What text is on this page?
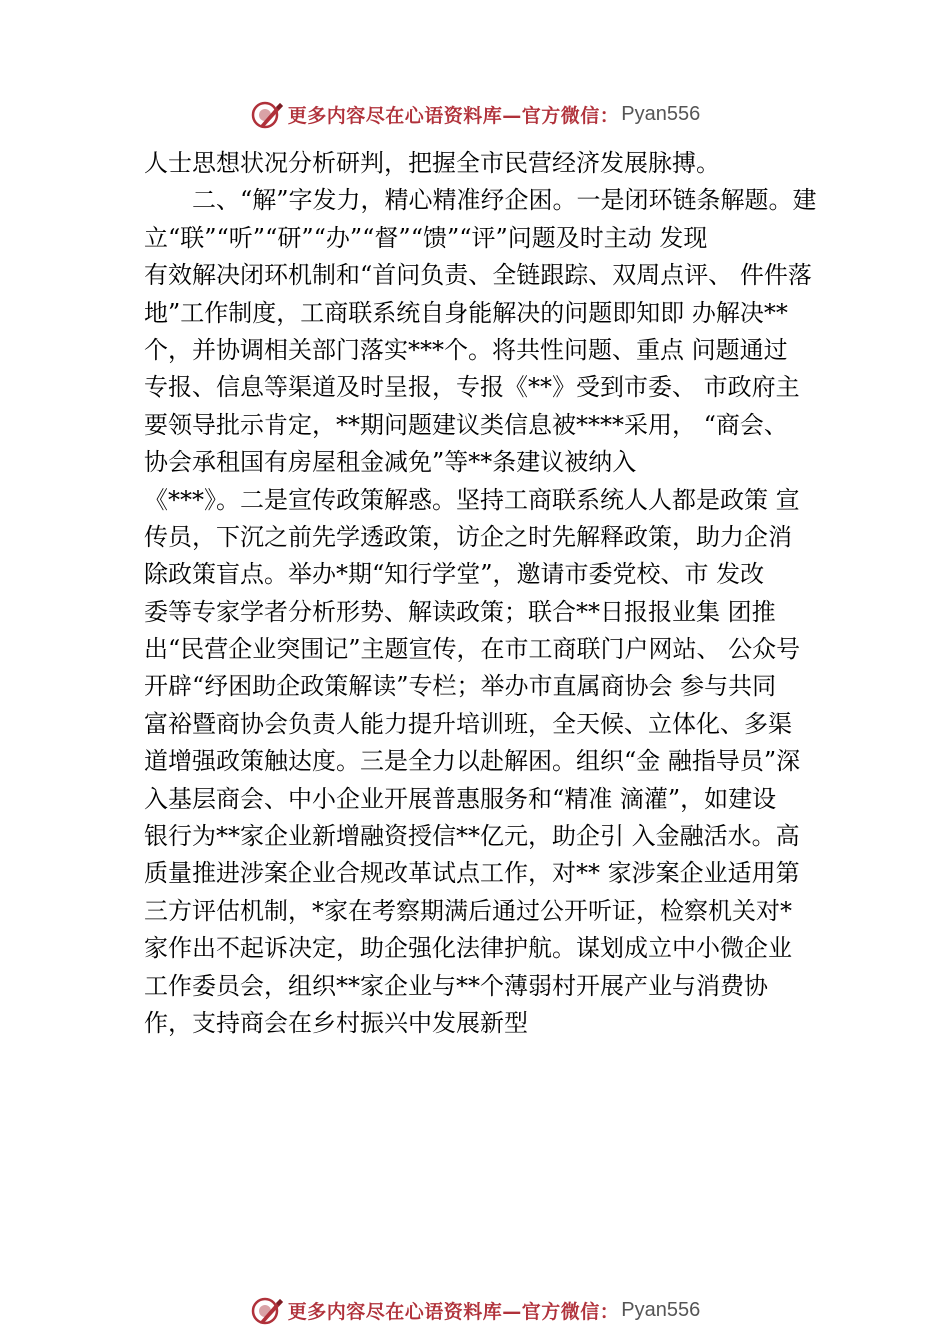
更多内容尽在心语资料库—官方微信： Pyan556
人士思想状况分析研判，把握全市民营经济发展脉搏。
二、“解”字发力，精心精准纾企困。一是闭环链条解题。建
立“联”“听”“研”“办”“督”“馈”“评”问题及时主动 发现
有效解决闭环机制和“首问负责、全链跟踪、双周点评、 件件落
地”工作制度，工商联系统自身能解决的问题即知即 办解决**
个，并协调相关部门落实***个。将共性问题、重点 问题通过
专报、信息等渠道及时呈报，专报《**》受到市委、 市政府主
要领导批示肯定，**期问题建议类信息被****采用， “商会、
协会承租国有房屋租金减免”等**条建议被纳入
《***》。二是宣传政策解惑。坚持工商联系统人人都是政策 宣
传员，下沉之前先学透政策，访企之时先解释政策，助力企消
除政策盲点。举办*期“知行学堂”，邀请市委党校、市 发改
委等专家学者分析形势、解读政策；联合**日报报业集 团推
出“民营企业突围记”主题宣传，在市工商联门户网站、 公众号
开辟“纾困助企政策解读”专栏；举办市直属商协会 参与共同
富裕暨商协会负责人能力提升培训班，全天候、立体化、多渠
道增强政策触达度。三是全力以赴解困。组织“金 融指导员”深
入基层商会、中小企业开展普惠服务和“精准 滴灌”，如建设
银行为**家企业新增融资授信**亿元，助企引 入金融活水。高
质量推进涉案企业合规改革试点工作，对** 家涉案企业适用第
三方评估机制，*家在考察期满后通过公开听证，检察机关对*
家作出不起诉决定，助企强化法律护航。谋划成立中小微企业
工作委员会，组织**家企业与**个薄弱村开展产业与消费协
作，支持商会在乡村振兴中发展新型
更多内容尽在心语资料库—官方微信： Pyan556
